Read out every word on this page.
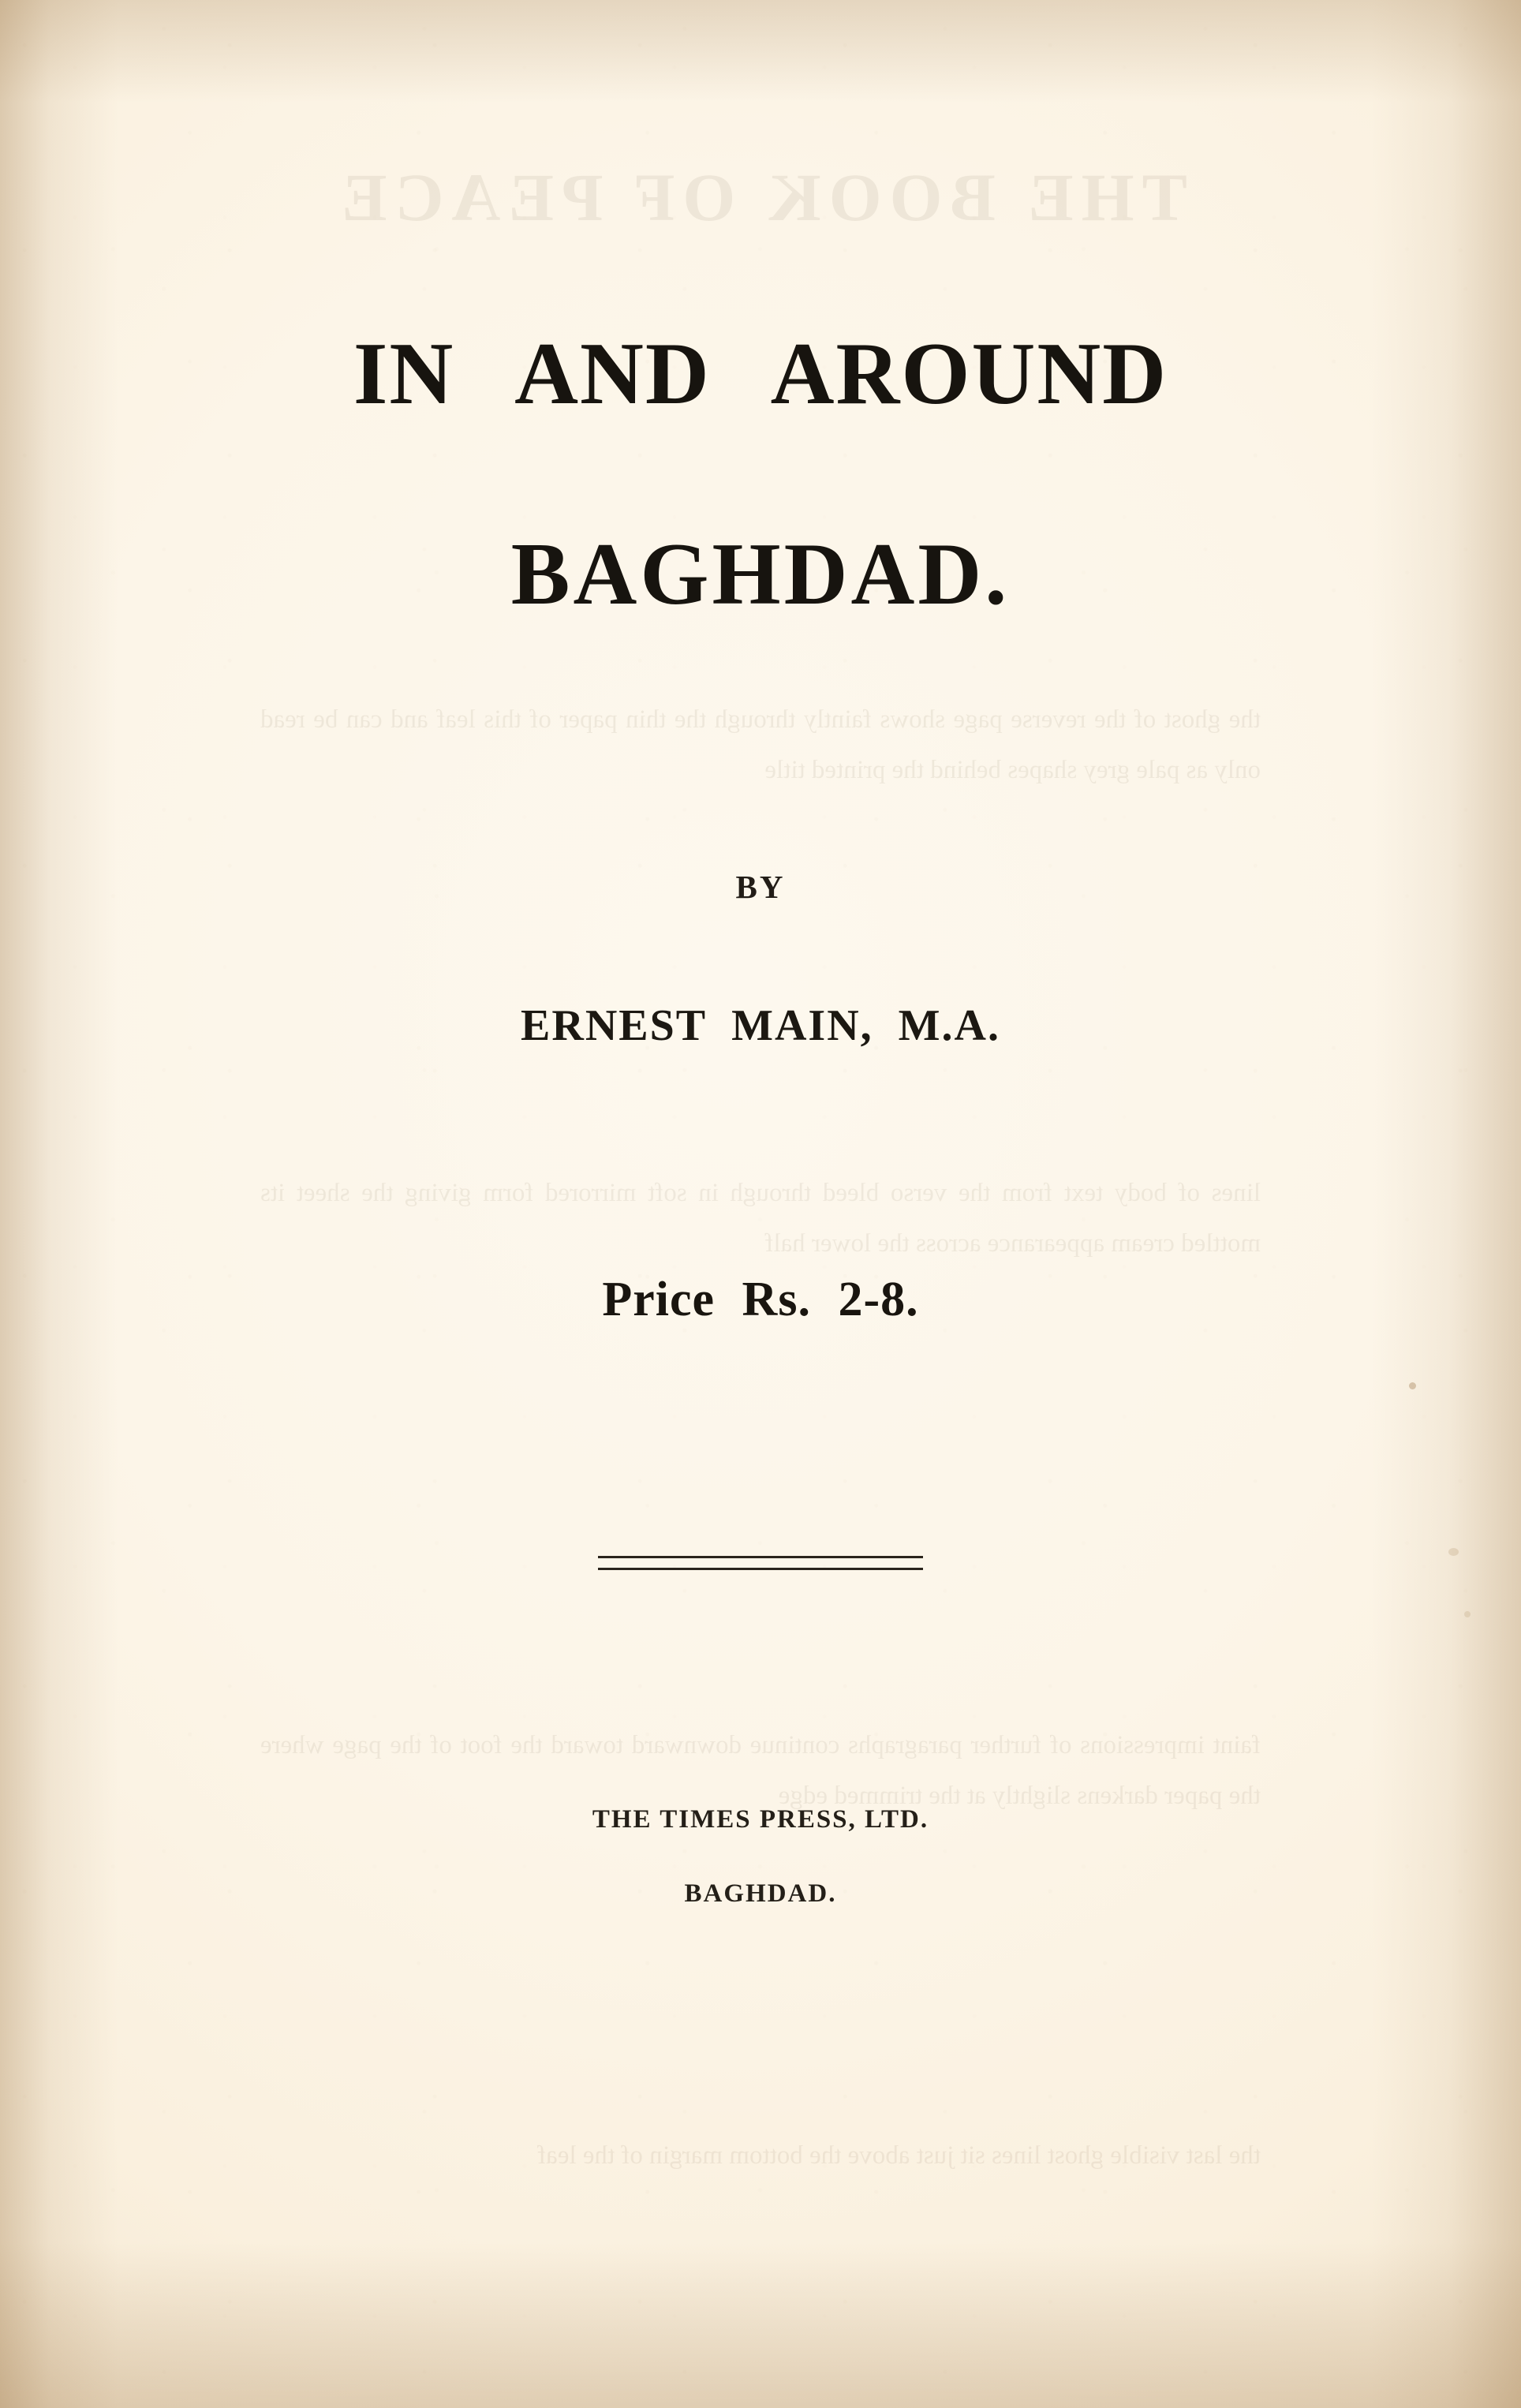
IN AND AROUND
BAGHDAD.
BY
ERNEST MAIN, M.A.
Price Rs. 2-8.
THE TIMES PRESS, LTD.
BAGHDAD.
